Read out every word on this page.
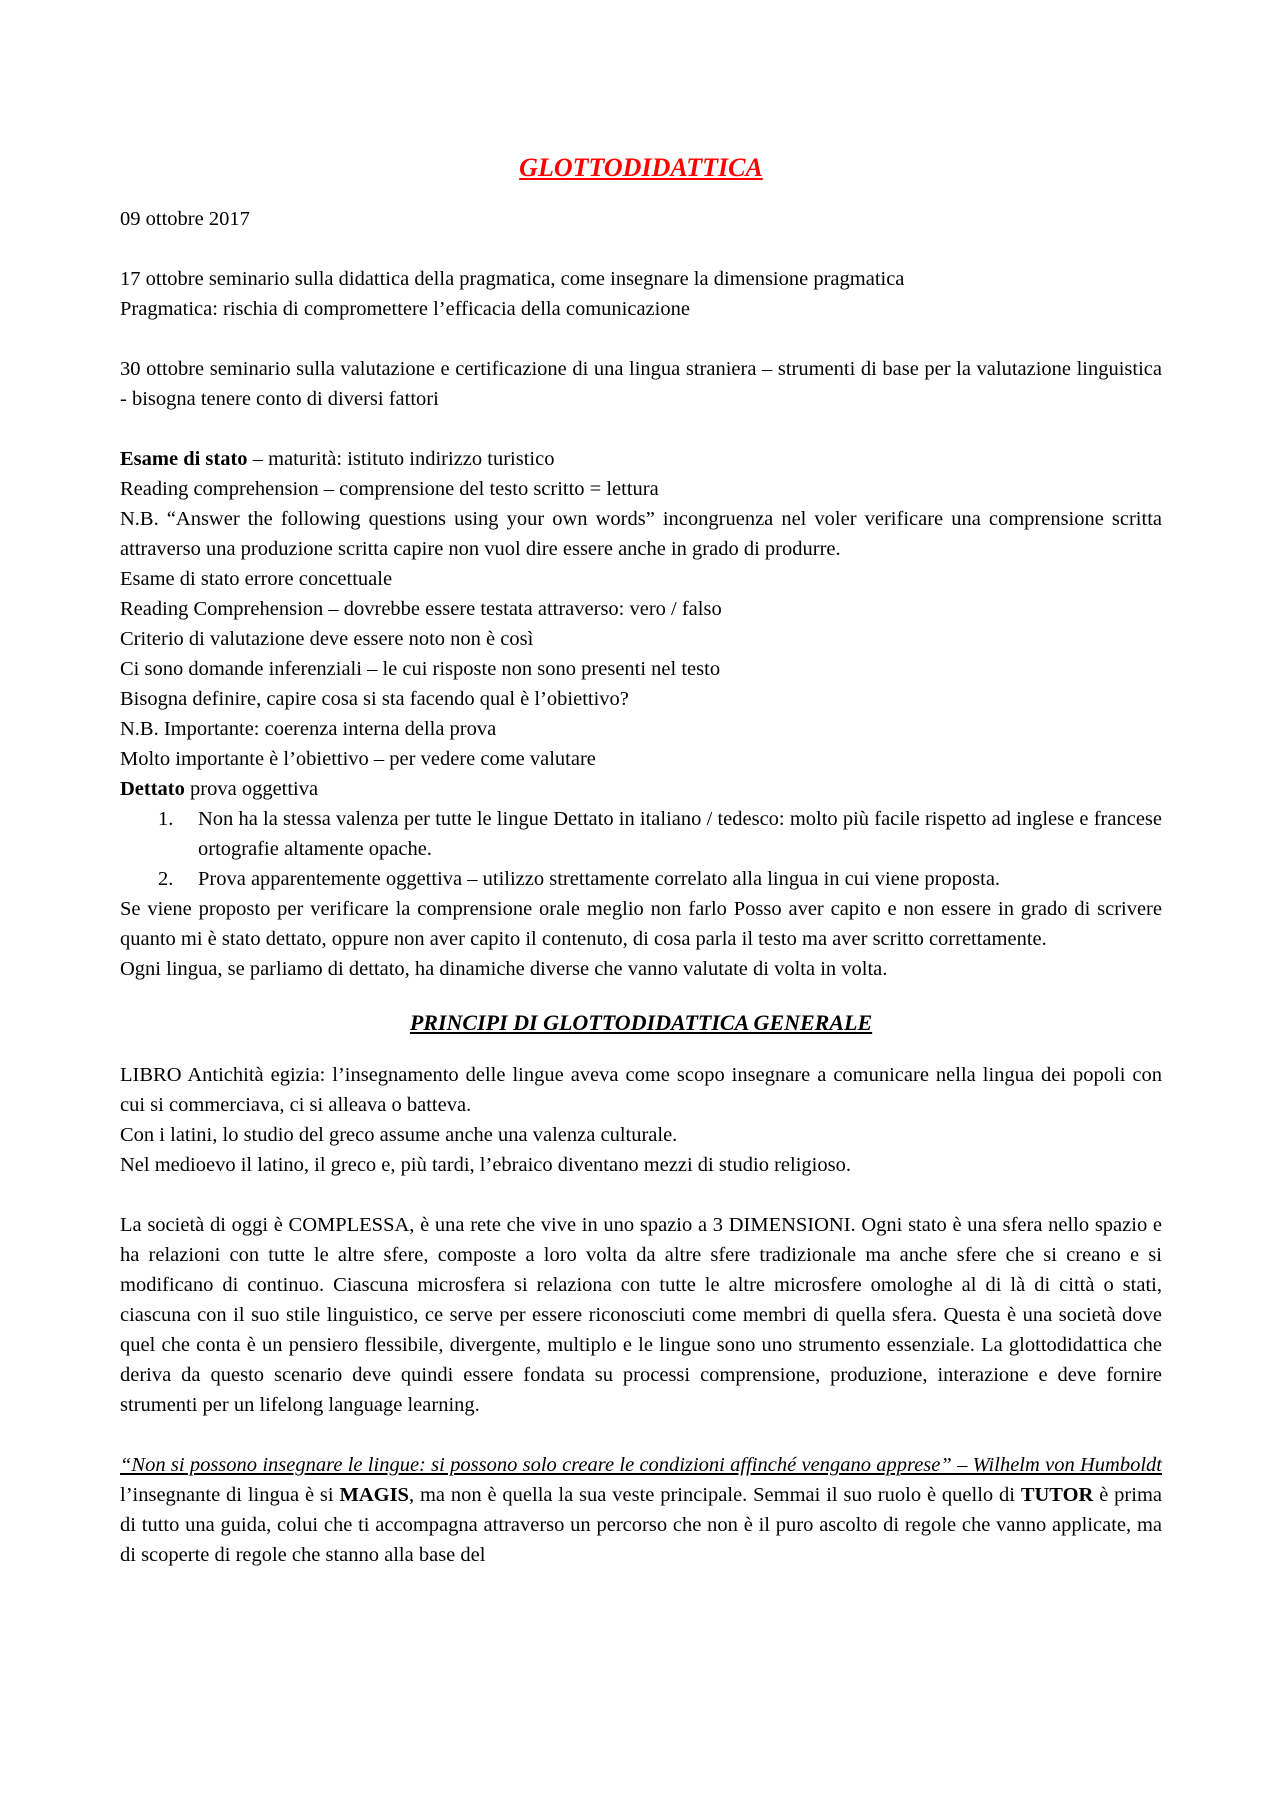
GLOTTODIDATTICA

09 ottobre 2017

17 ottobre seminario sulla didattica della pragmatica, come insegnare la dimensione pragmatica

Pragmatica: rischia di compromettere l’efficacia della comunicazione

30 ottobre seminario sulla valutazione e certificazione di una lingua straniera – strumenti di base per la valutazione linguistica - bisogna tenere conto di diversi fattori

Esame di stato – maturità: istituto indirizzo turistico

Reading comprehension – comprensione del testo scritto = lettura

N.B. “Answer the following questions using your own words” incongruenza nel voler verificare una comprensione scritta attraverso una produzione scritta capire non vuol dire essere anche in grado di produrre.

Esame di stato errore concettuale

Reading Comprehension – dovrebbe essere testata attraverso: vero / falso

Criterio di valutazione deve essere noto non è così

Ci sono domande inferenziali – le cui risposte non sono presenti nel testo

Bisogna definire, capire cosa si sta facendo qual è l’obiettivo?

N.B. Importante: coerenza interna della prova

Molto importante è l’obiettivo – per vedere come valutare

Dettato prova oggettiva

1.	Non ha la stessa valenza per tutte le lingue Dettato in italiano / tedesco: molto più facile rispetto ad inglese e francese ortografie altamente opache.
2.	Prova apparentemente oggettiva – utilizzo strettamente correlato alla lingua in cui viene proposta.

Se viene proposto per verificare la comprensione orale meglio non farlo Posso aver capito e non essere in grado di scrivere quanto mi è stato dettato, oppure non aver capito il contenuto, di cosa parla il testo ma aver scritto correttamente.

Ogni lingua, se parliamo di dettato, ha dinamiche diverse che vanno valutate di volta in volta.

PRINCIPI DI GLOTTODIDATTICA GENERALE

LIBRO Antichità egizia: l’insegnamento delle lingue aveva come scopo insegnare a comunicare nella lingua dei popoli con cui si commerciava, ci si alleava o batteva.

Con i latini, lo studio del greco assume anche una valenza culturale.

Nel medioevo il latino, il greco e, più tardi, l’ebraico diventano mezzi di studio religioso.

La società di oggi è COMPLESSA, è una rete che vive in uno spazio a 3 DIMENSIONI. Ogni stato è una sfera nello spazio e ha relazioni con tutte le altre sfere, composte a loro volta da altre sfere tradizionale ma anche sfere che si creano e si modificano di continuo. Ciascuna microsfera si relaziona con tutte le altre microsfere omologhe al di là di città o stati, ciascuna con il suo stile linguistico, ce serve per essere riconosciuti come membri di quella sfera. Questa è una società dove quel che conta è un pensiero flessibile, divergente, multiplo e le lingue sono uno strumento essenziale. La glottodidattica che deriva da questo scenario deve quindi essere fondata su processi comprensione, produzione, interazione e deve fornire strumenti per un lifelong language learning.

“Non si possono insegnare le lingue: si possono solo creare le condizioni affinché vengano apprese” – Wilhelm von Humboldt l’insegnante di lingua è si MAGIS, ma non è quella la sua veste principale. Semmai il suo ruolo è quello di TUTOR è prima di tutto una guida, colui che ti accompagna attraverso un percorso che non è il puro ascolto di regole che vanno applicate, ma di scoperte di regole che stanno alla base del
